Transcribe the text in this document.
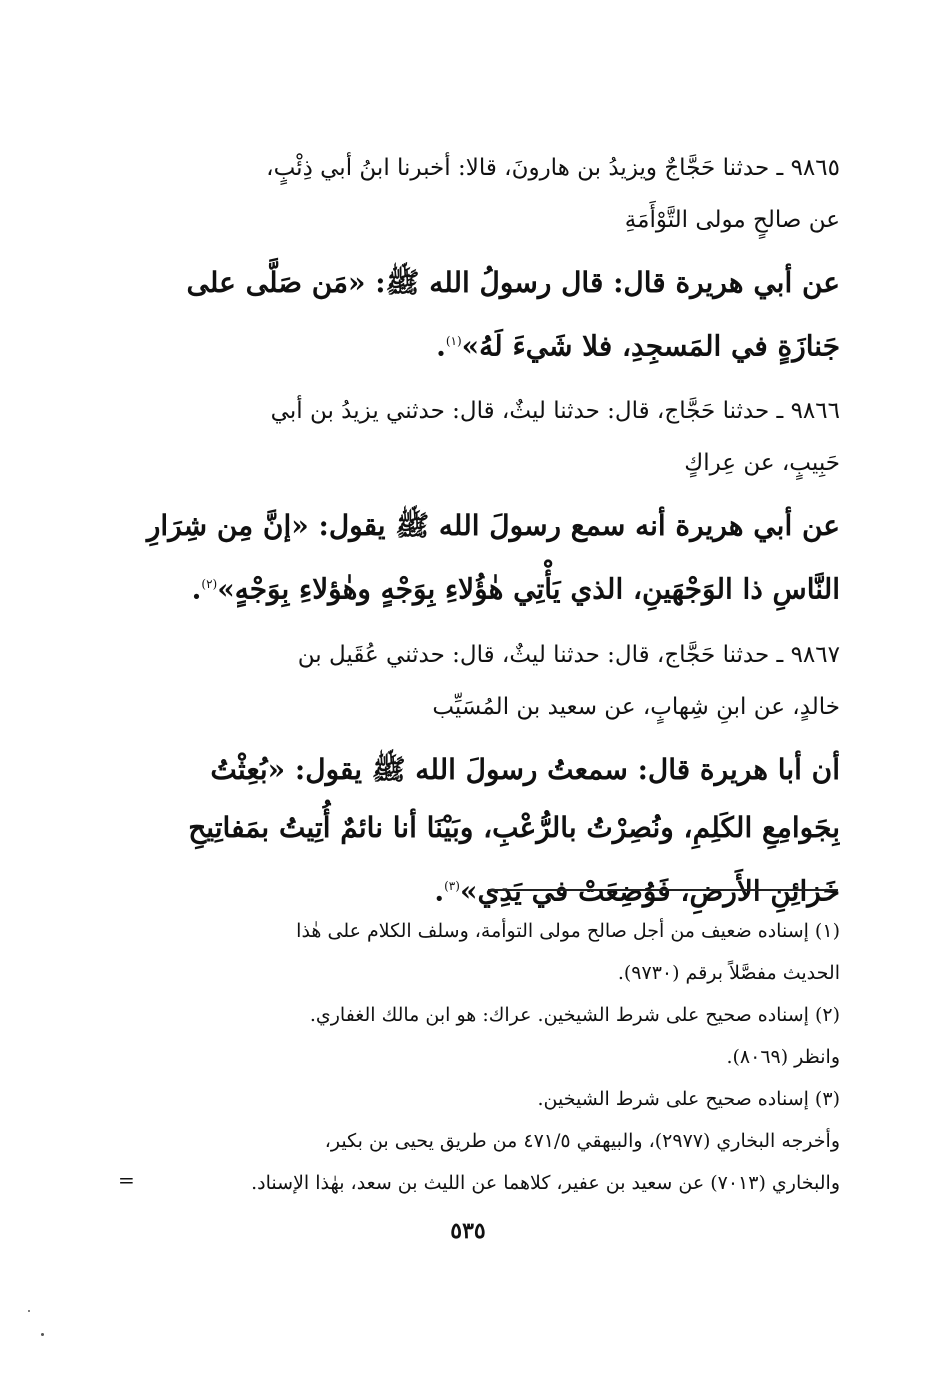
٩٨٦٥ ـ حدثنا حَجَّاجٌ ويزيدُ بن هارونَ، قالا: أخبرنا ابنُ أبي ذِئْبٍ،
عن صالحٍ مولى التَّوْأَمَةِ
عن أبي هريرة قال: قال رسولُ الله ﷺ: «مَن صَلَّى على
جَنازَةٍ في المَسجِدِ، فلا شَيءَ لَهُ»$^{(١)}$.
٩٨٦٦ ـ حدثنا حَجَّاج، قال: حدثنا ليثٌ، قال: حدثني يزيدُ بن أبي
حَبِيبٍ، عن عِراكٍ
عن أبي هريرة أنه سمع رسولَ الله ﷺ يقول: «إنَّ مِن شِرَارِ
النَّاسِ ذا الوَجْهَينِ، الذي يَأْتِي هٰؤُلاءِ بِوَجْهٍ وهٰؤلاءِ بِوَجْهٍ»$^{(٢)}$.
٩٨٦٧ ـ حدثنا حَجَّاج، قال: حدثنا ليثٌ، قال: حدثني عُقَيل بن
خالدٍ، عن ابنِ شِهابٍ، عن سعيد بن المُسَيِّب
أن أبا هريرة قال: سمعتُ رسولَ الله ﷺ يقول: «بُعِثْتُ
بِجَوامِعِ الكَلِمِ، ونُصِرْتُ بالرُّعْبِ، وبَيْنَا أنا نائمٌ أُتِيتُ بمَفاتِيحِ
خَزائِنِ الأَرضِ، فَوُضِعَتْ في يَدِي»$^{(٣)}$.
(١) إسناده ضعيف من أجل صالح مولى التوأمة، وسلف الكلام على هٰذا
الحديث مفصَّلاً برقم (٩٧٣٠).
(٢) إسناده صحيح على شرط الشيخين. عراك: هو ابن مالك الغفاري.
وانظر (٨٠٦٩).
(٣) إسناده صحيح على شرط الشيخين.
وأخرجه البخاري (٢٩٧٧)، والبيهقي ٤٧١/٥ من طريق يحيى بن بكير،
والبخاري (٧٠١٣) عن سعيد بن عفير، كلاهما عن الليث بن سعد، بهٰذا الإسناد.
=
٥٣٥
